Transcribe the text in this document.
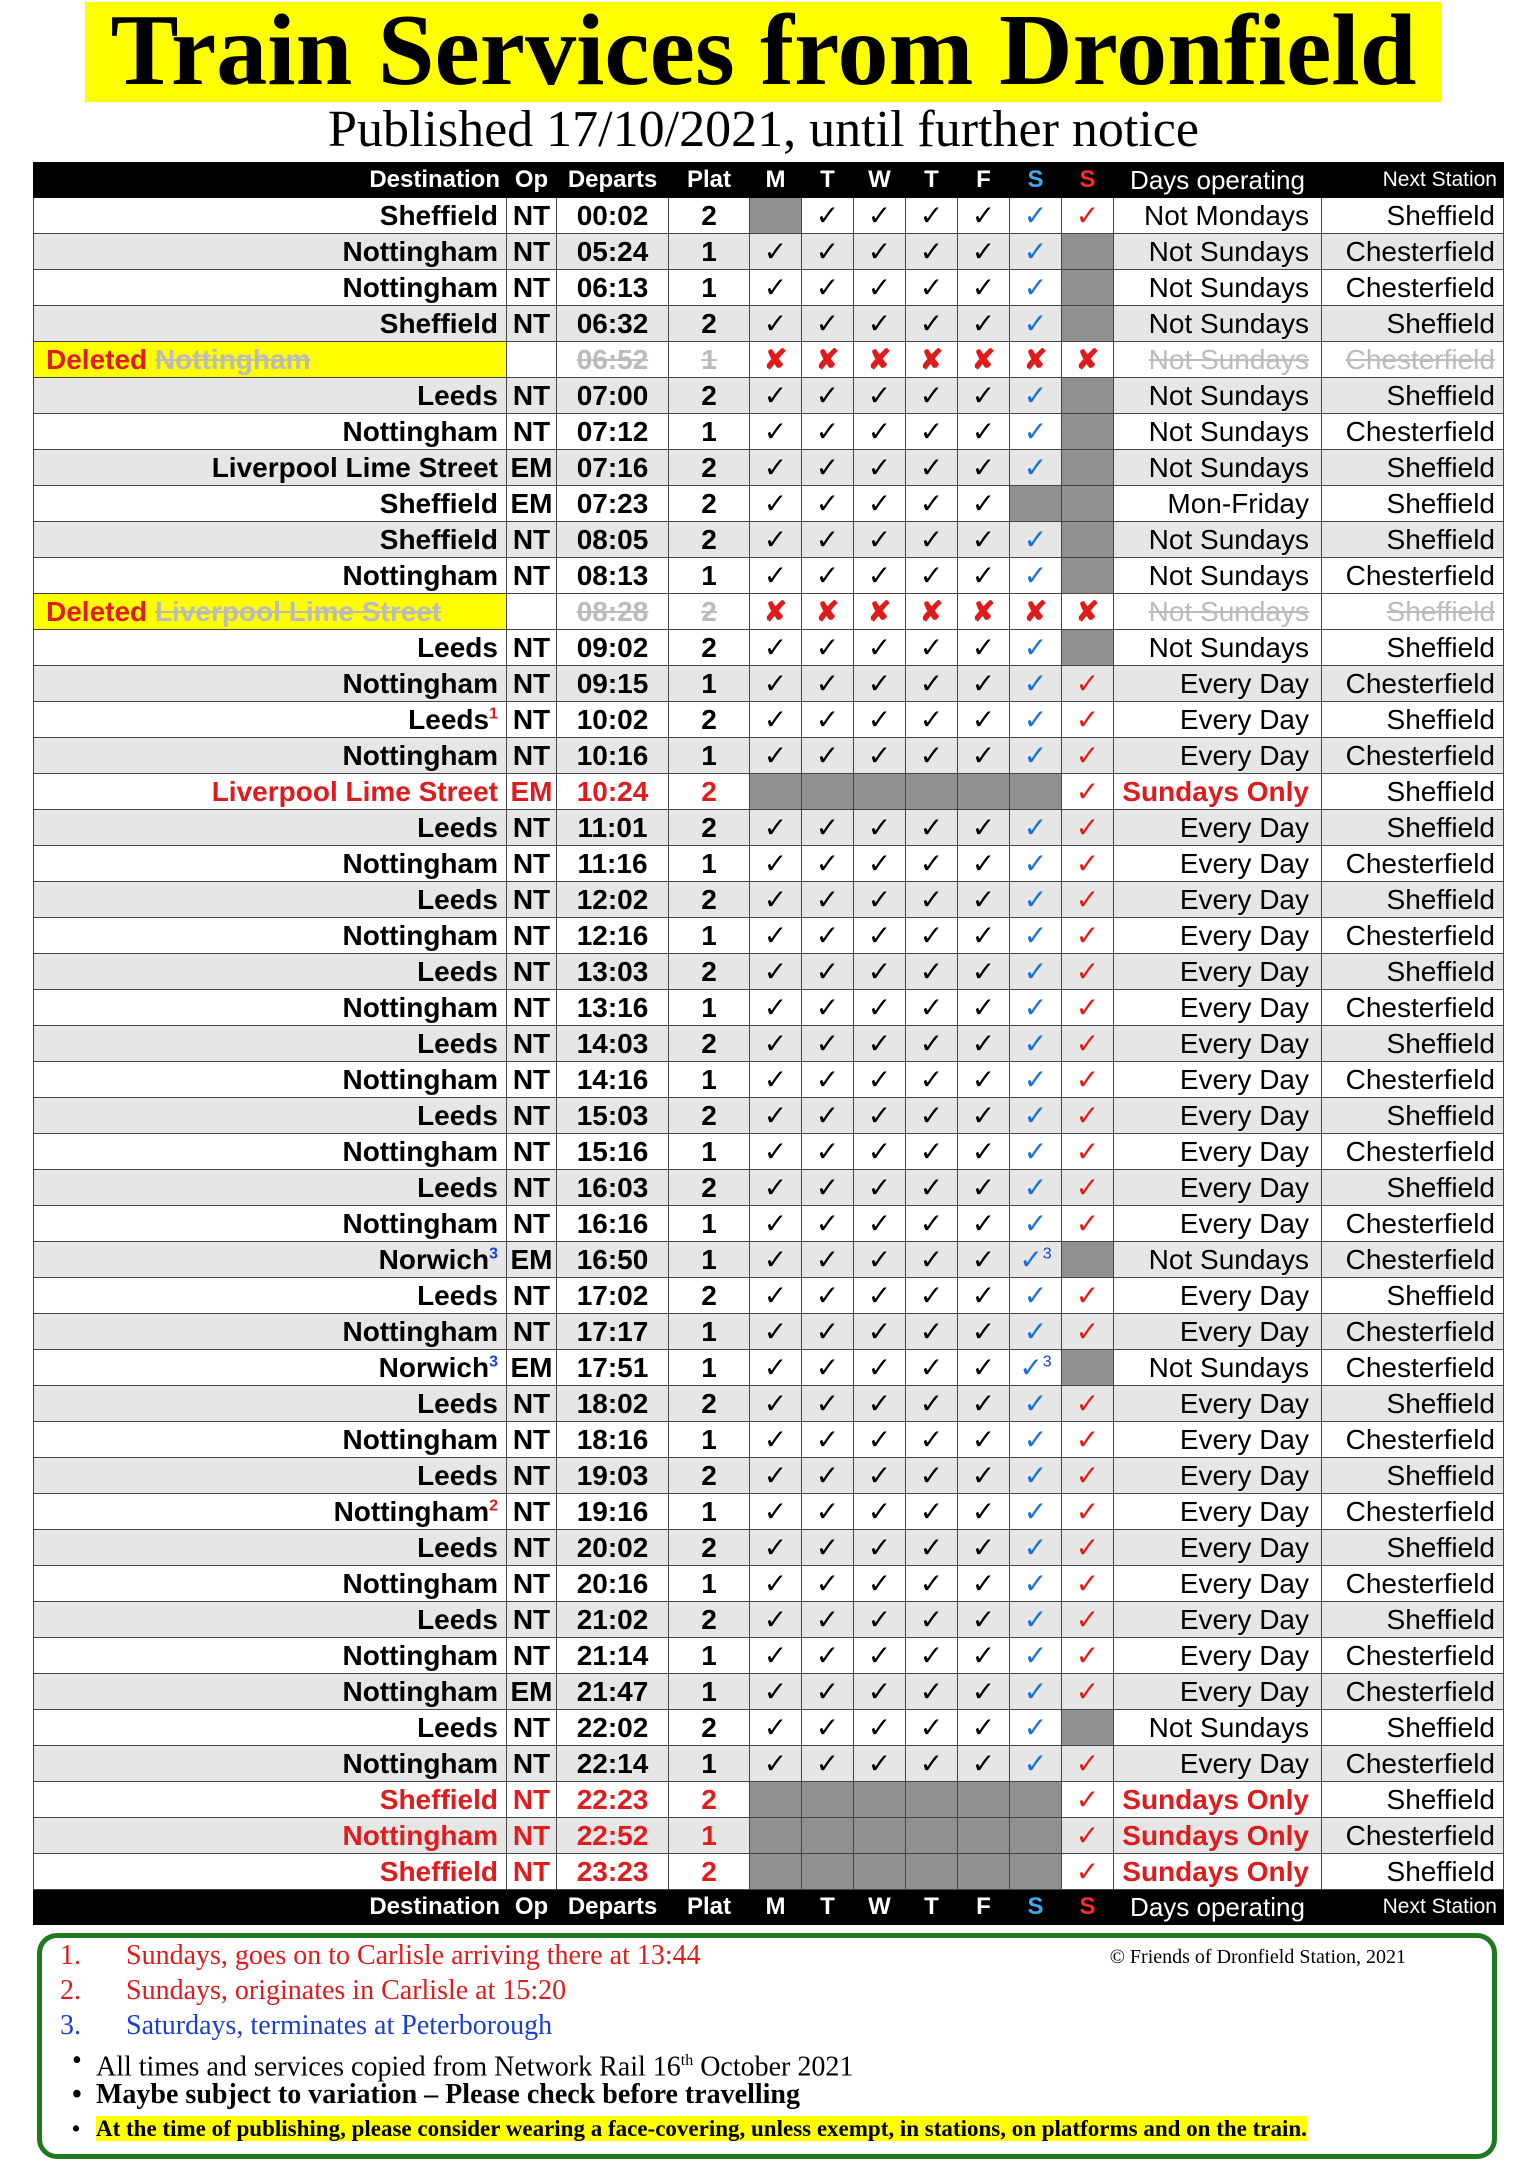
Train Services from Dronfield
Published 17/10/2021, until further notice
Destination	Op	Departs	Plat	M	T	W	T	F	S	S	Days operating	Next Station
Sheffield	NT	00:02	2		✓	✓	✓	✓	✓	✓	Not Mondays	Sheffield
Nottingham	NT	05:24	1	✓	✓	✓	✓	✓	✓		Not Sundays	Chesterfield
Nottingham	NT	06:13	1	✓	✓	✓	✓	✓	✓		Not Sundays	Chesterfield
Sheffield	NT	06:32	2	✓	✓	✓	✓	✓	✓		Not Sundays	Sheffield
Deleted Nottingham		06:52	1	✘	✘	✘	✘	✘	✘	✘	Not Sundays	Chesterfield
Leeds	NT	07:00	2	✓	✓	✓	✓	✓	✓		Not Sundays	Sheffield
Nottingham	NT	07:12	1	✓	✓	✓	✓	✓	✓		Not Sundays	Chesterfield
Liverpool Lime Street	EM	07:16	2	✓	✓	✓	✓	✓	✓		Not Sundays	Sheffield
Sheffield	EM	07:23	2	✓	✓	✓	✓	✓			Mon-Friday	Sheffield
Sheffield	NT	08:05	2	✓	✓	✓	✓	✓	✓		Not Sundays	Sheffield
Nottingham	NT	08:13	1	✓	✓	✓	✓	✓	✓		Not Sundays	Chesterfield
Deleted Liverpool Lime Street		08:28	2	✘	✘	✘	✘	✘	✘	✘	Not Sundays	Sheffield
Leeds	NT	09:02	2	✓	✓	✓	✓	✓	✓		Not Sundays	Sheffield
Nottingham	NT	09:15	1	✓	✓	✓	✓	✓	✓	✓	Every Day	Chesterfield
Leeds$^1$	NT	10:02	2	✓	✓	✓	✓	✓	✓	✓	Every Day	Sheffield
Nottingham	NT	10:16	1	✓	✓	✓	✓	✓	✓	✓	Every Day	Chesterfield
Liverpool Lime Street	EM	10:24	2							✓	Sundays Only	Sheffield
Leeds	NT	11:01	2	✓	✓	✓	✓	✓	✓	✓	Every Day	Sheffield
Nottingham	NT	11:16	1	✓	✓	✓	✓	✓	✓	✓	Every Day	Chesterfield
Leeds	NT	12:02	2	✓	✓	✓	✓	✓	✓	✓	Every Day	Sheffield
Nottingham	NT	12:16	1	✓	✓	✓	✓	✓	✓	✓	Every Day	Chesterfield
Leeds	NT	13:03	2	✓	✓	✓	✓	✓	✓	✓	Every Day	Sheffield
Nottingham	NT	13:16	1	✓	✓	✓	✓	✓	✓	✓	Every Day	Chesterfield
Leeds	NT	14:03	2	✓	✓	✓	✓	✓	✓	✓	Every Day	Sheffield
Nottingham	NT	14:16	1	✓	✓	✓	✓	✓	✓	✓	Every Day	Chesterfield
Leeds	NT	15:03	2	✓	✓	✓	✓	✓	✓	✓	Every Day	Sheffield
Nottingham	NT	15:16	1	✓	✓	✓	✓	✓	✓	✓	Every Day	Chesterfield
Leeds	NT	16:03	2	✓	✓	✓	✓	✓	✓	✓	Every Day	Sheffield
Nottingham	NT	16:16	1	✓	✓	✓	✓	✓	✓	✓	Every Day	Chesterfield
Norwich$^3$	EM	16:50	1	✓	✓	✓	✓	✓	✓$^3$		Not Sundays	Chesterfield
Leeds	NT	17:02	2	✓	✓	✓	✓	✓	✓	✓	Every Day	Sheffield
Nottingham	NT	17:17	1	✓	✓	✓	✓	✓	✓	✓	Every Day	Chesterfield
Norwich$^3$	EM	17:51	1	✓	✓	✓	✓	✓	✓$^3$		Not Sundays	Chesterfield
Leeds	NT	18:02	2	✓	✓	✓	✓	✓	✓	✓	Every Day	Sheffield
Nottingham	NT	18:16	1	✓	✓	✓	✓	✓	✓	✓	Every Day	Chesterfield
Leeds	NT	19:03	2	✓	✓	✓	✓	✓	✓	✓	Every Day	Sheffield
Nottingham$^2$	NT	19:16	1	✓	✓	✓	✓	✓	✓	✓	Every Day	Chesterfield
Leeds	NT	20:02	2	✓	✓	✓	✓	✓	✓	✓	Every Day	Sheffield
Nottingham	NT	20:16	1	✓	✓	✓	✓	✓	✓	✓	Every Day	Chesterfield
Leeds	NT	21:02	2	✓	✓	✓	✓	✓	✓	✓	Every Day	Sheffield
Nottingham	NT	21:14	1	✓	✓	✓	✓	✓	✓	✓	Every Day	Chesterfield
Nottingham	EM	21:47	1	✓	✓	✓	✓	✓	✓	✓	Every Day	Chesterfield
Leeds	NT	22:02	2	✓	✓	✓	✓	✓	✓		Not Sundays	Sheffield
Nottingham	NT	22:14	1	✓	✓	✓	✓	✓	✓	✓	Every Day	Chesterfield
Sheffield	NT	22:23	2							✓	Sundays Only	Sheffield
Nottingham	NT	22:52	1							✓	Sundays Only	Chesterfield
Sheffield	NT	23:23	2							✓	Sundays Only	Sheffield
Destination	Op	Departs	Plat	M	T	W	T	F	S	S	Days operating	Next Station
1. Sundays, goes on to Carlisle arriving there at 13:44
2. Sundays, originates in Carlisle at 15:20
3. Saturdays, terminates at Peterborough
© Friends of Dronfield Station, 2021
• All times and services copied from Network Rail 16th October 2021
• Maybe subject to variation – Please check before travelling
• At the time of publishing, please consider wearing a face-covering, unless exempt, in stations, on platforms and on the train.
